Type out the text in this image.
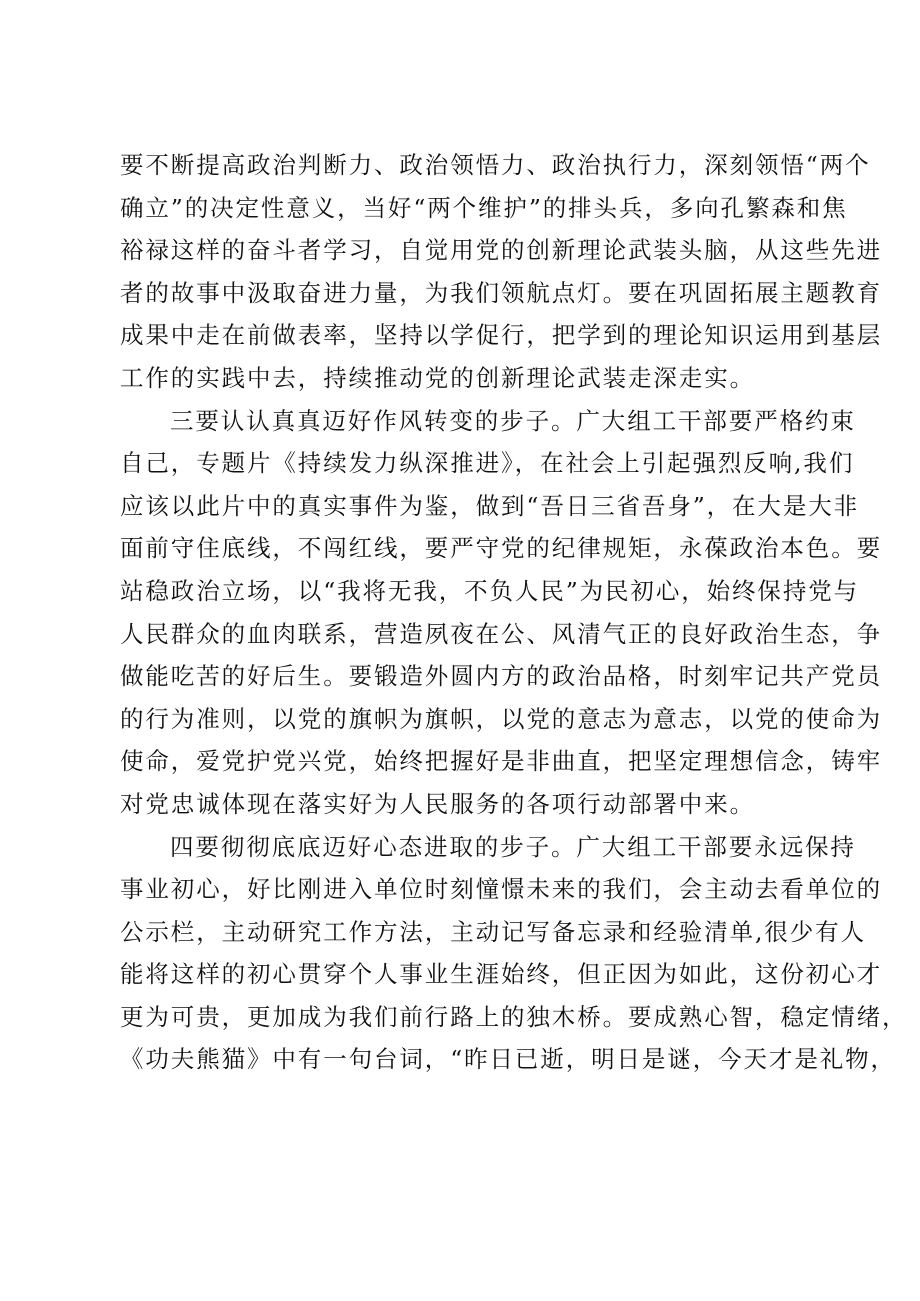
要不断提高政治判断力、政治领悟力、政治执行力，深刻领悟“两个
确立”的决定性意义，当好“两个维护”的排头兵，多向孔繁森和焦
裕禄这样的奋斗者学习，自觉用党的创新理论武装头脑，从这些先进
者的故事中汲取奋进力量，为我们领航点灯。要在巩固拓展主题教育
成果中走在前做表率，坚持以学促行，把学到的理论知识运用到基层
工作的实践中去，持续推动党的创新理论武装走深走实。
三要认认真真迈好作风转变的步子。广大组工干部要严格约束
自己，专题片《持续发力纵深推进》，在社会上引起强烈反响,我们
应该以此片中的真实事件为鉴，做到“吾日三省吾身”，在大是大非
面前守住底线，不闯红线，要严守党的纪律规矩，永葆政治本色。要
站稳政治立场，以“我将无我，不负人民”为民初心，始终保持党与
人民群众的血肉联系，营造夙夜在公、风清气正的良好政治生态，争
做能吃苦的好后生。要锻造外圆内方的政治品格，时刻牢记共产党员
的行为准则，以党的旗帜为旗帜，以党的意志为意志，以党的使命为
使命，爱党护党兴党，始终把握好是非曲直，把坚定理想信念，铸牢
对党忠诚体现在落实好为人民服务的各项行动部署中来。
四要彻彻底底迈好心态进取的步子。广大组工干部要永远保持
事业初心，好比刚进入单位时刻憧憬未来的我们，会主动去看单位的
公示栏，主动研究工作方法，主动记写备忘录和经验清单,很少有人
能将这样的初心贯穿个人事业生涯始终，但正因为如此，这份初心才
更为可贵，更加成为我们前行路上的独木桥。要成熟心智，稳定情绪，
《功夫熊猫》中有一句台词，“昨日已逝，明日是谜，今天才是礼物，
